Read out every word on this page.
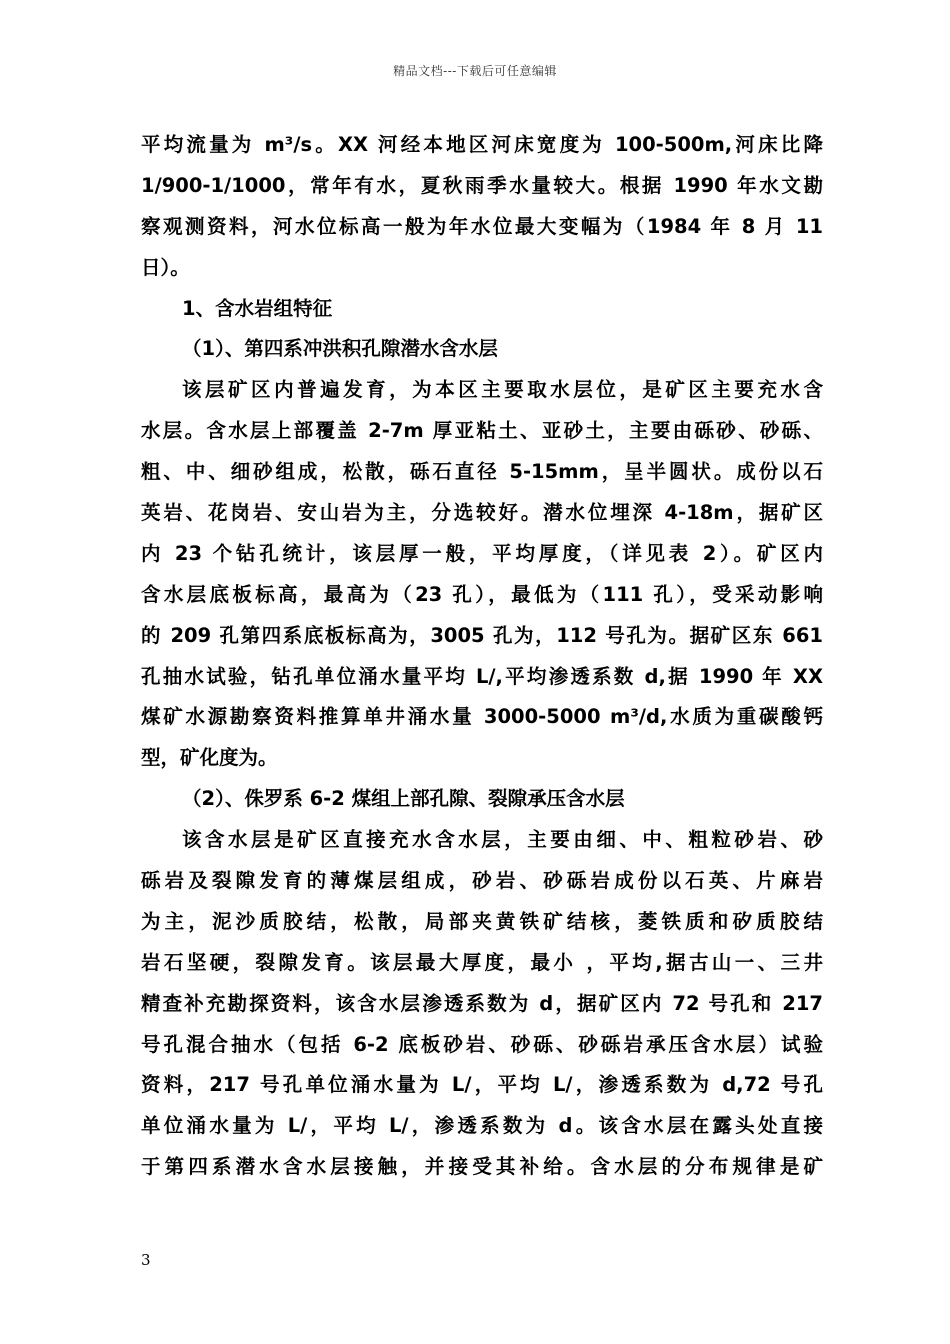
精品文档---下载后可任意编辑
平均流量为 m³/s。XX 河经本地区河床宽度为 100-500m,河床比降
1/900-1/1000，常年有水，夏秋雨季水量较大。根据 1990 年水文勘
察观测资料，河水位标高一般为年水位最大变幅为（1984 年 8 月 11
日）。
1、含水岩组特征
（1）、第四系冲洪积孔隙潜水含水层
该层矿区内普遍发育，为本区主要取水层位，是矿区主要充水含
水层。含水层上部覆盖 2-7m 厚亚粘土、亚砂土，主要由砾砂、砂砾、
粗、中、细砂组成，松散，砾石直径 5-15mm，呈半圆状。成份以石
英岩、花岗岩、安山岩为主，分选较好。潜水位埋深 4-18m，据矿区
内 23 个钻孔统计，该层厚一般，平均厚度，（详见表 2）。矿区内
含水层底板标高，最高为（23 孔），最低为（111 孔），受采动影响
的 209 孔第四系底板标高为，3005 孔为，112 号孔为。据矿区东 661
孔抽水试验，钻孔单位涌水量平均 L/,平均渗透系数 d,据 1990 年 XX
煤矿水源勘察资料推算单井涌水量 3000-5000 m³/d,水质为重碳酸钙
型，矿化度为。
（2）、侏罗系 6-2 煤组上部孔隙、裂隙承压含水层
该含水层是矿区直接充水含水层，主要由细、中、粗粒砂岩、砂
砾岩及裂隙发育的薄煤层组成，砂岩、砂砾岩成份以石英、片麻岩
为主，泥沙质胶结，松散，局部夹黄铁矿结核，菱铁质和矽质胶结
岩石坚硬，裂隙发育。该层最大厚度，最小 ，平均,据古山一、三井
精查补充勘探资料，该含水层渗透系数为 d，据矿区内 72 号孔和 217
号孔混合抽水（包括 6-2 底板砂岩、砂砾、砂砾岩承压含水层）试验
资料，217 号孔单位涌水量为 L/，平均 L/，渗透系数为 d,72 号孔
单位涌水量为 L/，平均 L/，渗透系数为 d。该含水层在露头处直接
于第四系潜水含水层接触，并接受其补给。含水层的分布规律是矿
3
